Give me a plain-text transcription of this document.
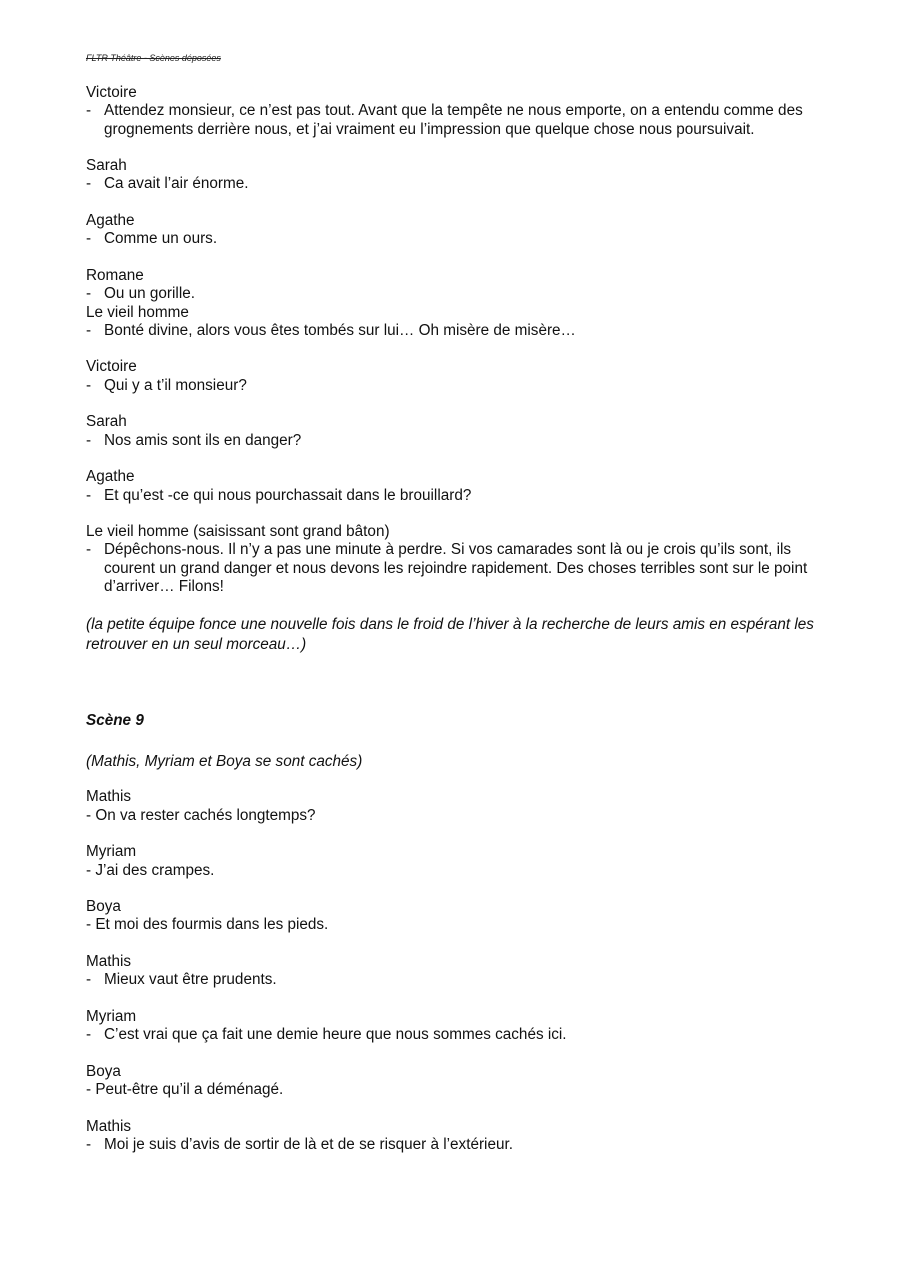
FLTR Théâtre - Scènes déposées

Victoire

- Attendez monsieur, ce n’est pas tout. Avant que la tempête ne nous emporte, on a entendu comme des grognements derrière nous, et j’ai vraiment eu l’impression que quelque chose nous poursuivait.

Sarah

- Ca avait l’air énorme.

Agathe

- Comme un ours.

Romane

- Ou un gorille.

Le vieil homme

- Bonté divine, alors vous êtes tombés sur lui… Oh misère de misère…

Victoire

- Qui y a t’il monsieur?

Sarah

- Nos amis sont ils en danger?

Agathe

- Et qu’est -ce qui nous pourchassait dans le brouillard?

Le vieil homme (saisissant sont grand bâton)

- Dépêchons-nous. Il n’y a pas une minute à perdre. Si vos camarades sont là ou je crois qu’ils sont, ils courent un grand danger et nous devons les rejoindre rapidement. Des choses terribles sont sur le point d’arriver… Filons!

(la petite équipe fonce une nouvelle fois dans le froid de l’hiver à la recherche de leurs amis en espérant les retrouver en un seul morceau…)

Scène 9

(Mathis, Myriam et Boya se sont cachés)

Mathis

- On va rester cachés longtemps?

Myriam

- J’ai des crampes.

Boya

- Et moi des fourmis dans les pieds.

Mathis

- Mieux vaut être prudents.

Myriam

- C’est vrai que ça fait une demie heure que nous sommes cachés ici.

Boya

- Peut-être qu’il a déménagé.

Mathis

- Moi je suis d’avis de sortir de là et de se risquer à l’extérieur.
